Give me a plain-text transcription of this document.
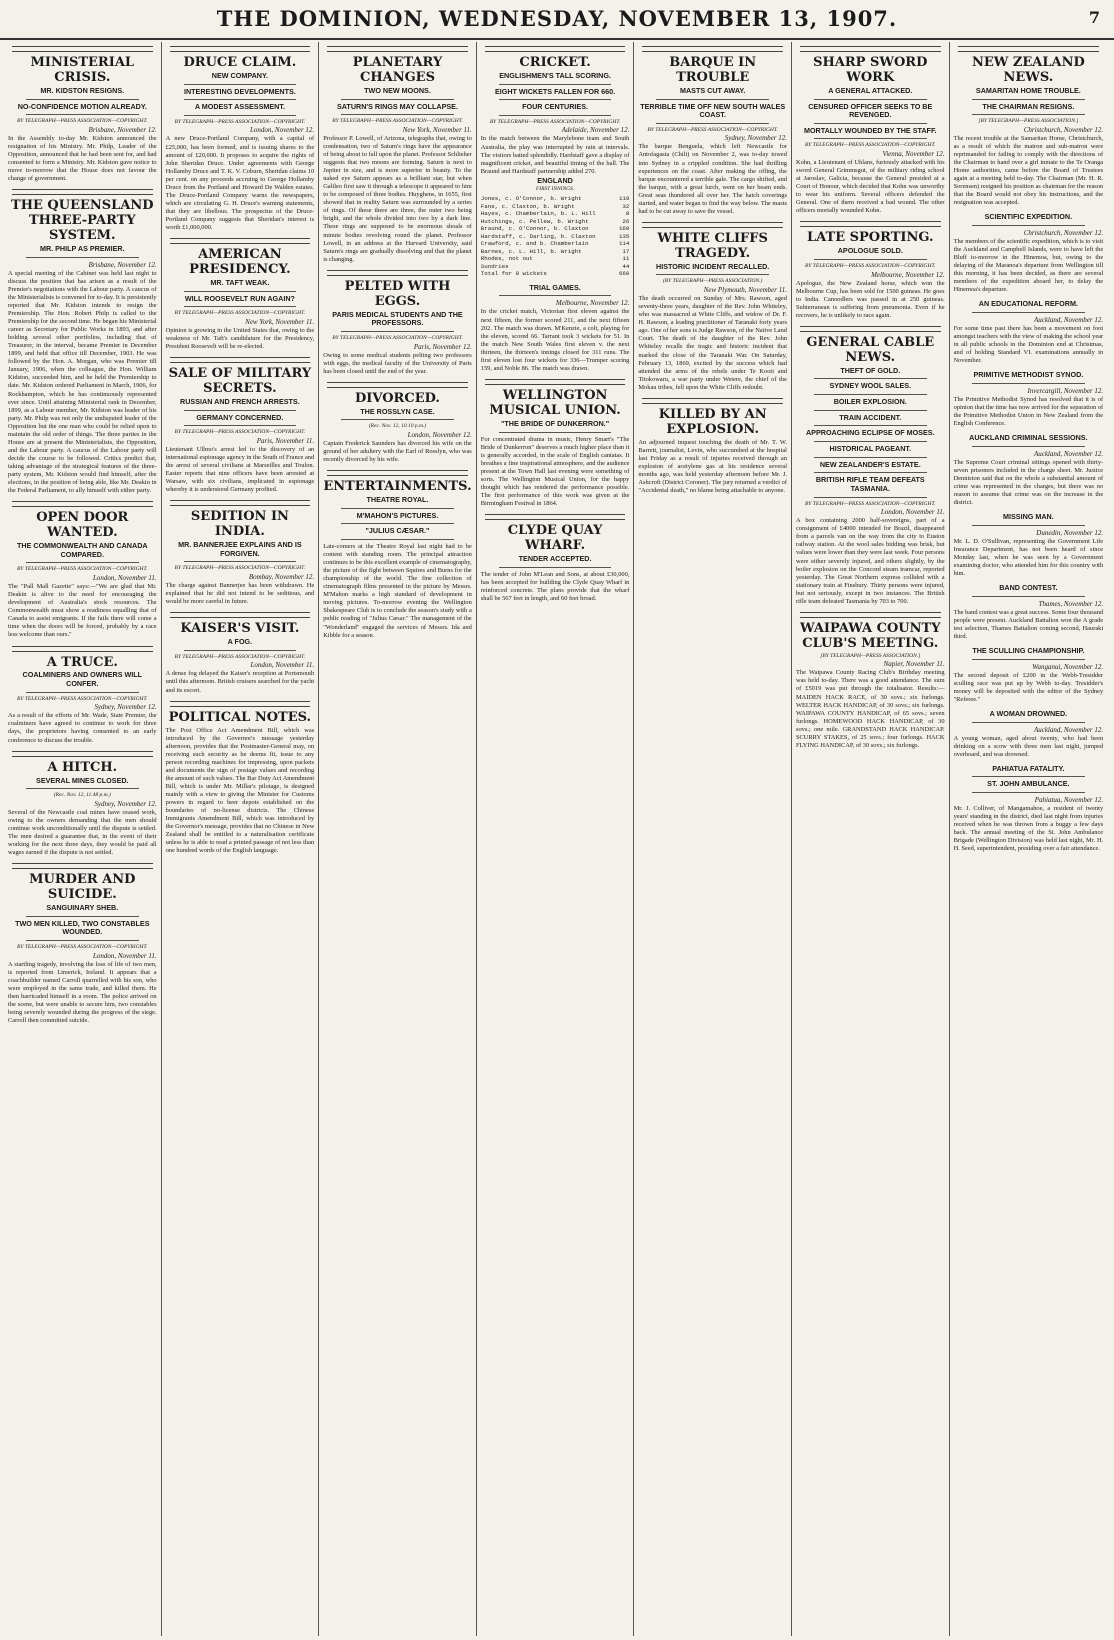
THE DOMINION, WEDNESDAY, NOVEMBER 13, 1907.	7
MINISTERIAL CRISIS.
MR. KIDSTON RESIGNS.
NO-CONFIDENCE MOTION ALREADY.
BY TELEGRAPH—PRESS ASSOCIATION—COPYRIGHT.
Brisbane, November 12.

In the Assembly to-day Mr. Kidston announced the resignation of his Ministry. Mr. Philp, Leader of the Opposition, announced that he had been sent for, and had consented to form a Ministry. Mr. Kidston gave notice to move to-morrow that the House does not favour the change of government.

THE QUEENSLAND THREE-PARTY SYSTEM.
MR. PHILP AS PREMIER.
Brisbane, November 12.

A special meeting of the Cabinet was held last night to discuss the position that has arisen as a result of the Premier's negotiations with the Labour party. A caucus of the Ministerialists is convened for to-day. It is persistently reported that Mr. Kidston intends to resign the Premiership. The Hon. Robert Philp is called to the Premiership for the second time. He began his Ministerial career as Secretary for Public Works in 1893, and after holding several other portfolios, including that of Treasurer, in the interval, became Premier in December 1899, and held that office till December, 1903. He was followed by the Hon. A. Morgan, who was Premier till January, 1906, when the colleague, the Hon. William Kidston, succeeded him, and he held the Premiership to date. Mr. Kidston ordered Parliament in March, 1906, for Rockhampton, which he has continuously represented ever since. Until attaining Ministerial rank in December, 1899, as a Labour member, Mr. Kidston was leader of his party. Mr. Philp was not only the undisputed leader of the Opposition but the one man who could be relied upon to maintain the old order of things. The three parties in the House are at present the Ministerialists, the Opposition, and the Labour party. A caucus of the Labour party will decide the course to be followed. Critics predict that, taking advantage of the strategical features of the three-party system, Mr. Kidston would find himself, after the elections, in the position of being able, like Mr. Deakin in the Federal Parliament, to ally himself with either party.

OPEN DOOR WANTED.
THE COMMONWEALTH AND CANADA COMPARED.
BY TELEGRAPH—PRESS ASSOCIATION—COPYRIGHT.
London, November 11.

The "Pall Mall Gazette" says:—"We are glad that Mr. Deakin is alive to the need for encouraging the development of Australia's stock resources. The Commonwealth must show a readiness equalling that of Canada to assist emigrants. If the fails there will come a time when the doors will be forced, probably by a race less welcome than ours."

A TRUCE.
COALMINERS AND OWNERS WILL CONFER.
BY TELEGRAPH—PRESS ASSOCIATION—COPYRIGHT.
Sydney, November 12.

As a result of the efforts of Mr. Wade, State Premier, the coalminers have agreed to continue to work for three days, the proprietors having consented to an early conference to discuss the trouble.

A HITCH.
SEVERAL MINES CLOSED.
(Rec. Nov. 12, 11.48 p.m.)
Sydney, November 12.

Several of the Newcastle coal mines have ceased work, owing to the owners demanding that the men should continue work unconditionally until the dispute is settled. The men desired a guarantee that, in the event of their working for the next three days, they would be paid all wages earned if the dispute is not settled.

MURDER AND SUICIDE.
SANGUINARY SHEB.
TWO MEN KILLED, TWO CONSTABLES WOUNDED.
BY TELEGRAPH—PRESS ASSOCIATION—COPYRIGHT.
London, November 11.

A startling tragedy, involving the loss of life of two men, is reported from Limerick, Ireland. It appears that a coachbuilder named Carroll quarrelled with his son, who were employed in the same trade, and killed them. He then barricaded himself in a room. The police arrived on the scene, but were unable to secure him, two constables being severely wounded during the progress of the siege. Carroll then committed suicide.

DRUCE CLAIM.
NEW COMPANY.
INTERESTING DEVELOPMENTS.
A MODEST ASSESSMENT.
BY TELEGRAPH—PRESS ASSOCIATION—COPYRIGHT.
London, November 12.

A new Druce-Portland Company, with a capital of £25,000, has been formed, and is issuing shares to the amount of £20,000. It proposes to acquire the rights of John Sheridan Druce. Under agreements with George Hollamby Druce and T. K. V. Coburn, Sheridan claims 10 per cent. on any proceeds accruing to George Hollamby Druce from the Portland and Howard De Walden estates. The Druce-Portland Company warns the newspapers, which are circulating G. H. Druce's warning statements, that they are libellous. The prospectus of the Druce-Portland Company suggests that Sheridan's interest is worth £1,000,000.

AMERICAN PRESIDENCY.
MR. TAFT WEAK.
WILL ROOSEVELT RUN AGAIN?
BY TELEGRAPH—PRESS ASSOCIATION—COPYRIGHT.
New York, November 11.

Opinion is growing in the United States that, owing to the weakness of Mr. Taft's candidature for the Presidency, President Roosevelt will be re-elected.

SALE OF MILITARY SECRETS.
RUSSIAN AND FRENCH ARRESTS.
GERMANY CONCERNED.
BY TELEGRAPH—PRESS ASSOCIATION—COPYRIGHT.
Paris, November 11.

Lieutenant Ullmo's arrest led to the discovery of an international espionage agency in the South of France and the arrest of several civilians at Marseilles and Toulon. Easter reports that nine officers have been arrested at Warsaw, with six civilians, implicated in espionage whereby it is understood Germany profited.

SEDITION IN INDIA.
MR. BANNERJEE EXPLAINS AND IS FORGIVEN.
BY TELEGRAPH—PRESS ASSOCIATION—COPYRIGHT.
Bombay, November 12.

The charge against Bannerjee has been withdrawn. He explained that he did not intend to be seditious, and would be more careful in future.

KAISER'S VISIT.
A FOG.
BY TELEGRAPH—PRESS ASSOCIATION—COPYRIGHT.
London, November 11.

A dense fog delayed the Kaiser's reception at Portsmouth until this afternoon. British cruisers searched for the yacht and its escort.

POLITICAL NOTES.

The Post Office Act Amendment Bill, which was introduced by the Governor's message yesterday afternoon, provides that the Postmaster-General may, on receiving such security as he deems fit, issue to any person recording machines for impressing, upon packets and documents the sign of postage values and recording the amount of such values. The Bar Duty Act Amendment Bill, which is under Mr. Millar's pilotage, is designed mainly with a view to giving the Minister for Customs powers in regard to beer depots established on the boundaries of no-license districts. The Chinese Immigrants Amendment Bill, which was introduced by the Governor's message, provides that no Chinese in New Zealand shall be entitled to a naturalisation certificate unless he is able to read a printed passage of not less than one hundred words of the English language.

PLANETARY CHANGES
TWO NEW MOONS.
SATURN'S RINGS MAY COLLAPSE.
BY TELEGRAPH—PRESS ASSOCIATION—COPYRIGHT.
New York, November 11.

Professor P. Lowell, of Arizona, telegraphs that, owing to condensation, two of Saturn's rings have the appearance of being about to fall upon the planet. Professor Schlieher suggests that two moons are forming. Saturn is next to Jupiter in size, and is more superior in beauty. To the naked eye Saturn appears as a brilliant star, but when Galileo first saw it through a telescope it appeared to him to be composed of three bodies. Huyghens, in 1655, first showed that in reality Saturn was surrounded by a series of rings. Of these there are three, the outer two being bright, and the whole divided into two by a dark line. These rings are supposed to be enormous shoals of minute bodies revolving round the planet. Professor Lowell, in an address at the Harvard University, said Saturn's rings are gradually dissolving and that the planet is changing.

PELTED WITH EGGS.
PARIS MEDICAL STUDENTS AND THE PROFESSORS.
BY TELEGRAPH—PRESS ASSOCIATION—COPYRIGHT.
Paris, November 12.

Owing to some medical students pelting two professors with eggs, the medical faculty of the University of Paris has been closed until the end of the year.

DIVORCED.
THE ROSSLYN CASE.
(Rec. Nov. 12, 10.10 p.m.)
London, November 12.

Captain Frederick Saunders has divorced his wife on the ground of her adultery with the Earl of Rosslyn, who was recently divorced by his wife.

ENTERTAINMENTS.
THEATRE ROYAL.
M'MAHON'S PICTURES.
"JULIUS CÆSAR."

Late-comers at the Theatre Royal last night had to be content with standing room. The principal attraction continues to be this excellent example of cinematography, the picture of the fight between Squires and Burns for the championship of the world. The fine collection of cinematograph films presented in the picture by Messrs. M'Mahon marks a high standard of development in moving pictures. To-morrow evening the Wellington Shakespeare Club is to conclude the season's study with a public reading of "Julius Cæsar." The management of the "Wonderland" engaged the services of Messrs. Ida and Kibble for a season.

CRICKET.
ENGLISHMEN'S TALL SCORING.
EIGHT WICKETS FALLEN FOR 660.
FOUR CENTURIES.
BY TELEGRAPH—PRESS ASSOCIATION—COPYRIGHT.
Adelaide, November 12.

In the match between the Marylebone team and South Australia, the play was interrupted by rain at intervals. The visitors batted splendidly. Hardstaff gave a display of magnificent cricket, and beautiful timing of the ball. The Braund and Hardstaff partnership added 270.

ENGLAND
FIRST INNINGS.
Jones, c. O'Connor, b. Wright	119
Fane, c. Claxton, b. Wright	32
Hayes, c. Chamberlain, b. L. Hill	8
Hutchings, c. Pellew, b. Wright	26
Braund, c. O'Connor, b. Claxton	160
Hardstaff, c. Darling, b. Claxton	135
Crawford, c. and b. Chamberlain	114
Barnes, c. L. Hill, b. Wright	17
Rhodes, not out	11
Sundries	44
Total for 8 wickets	660
TRIAL GAMES.
Melbourne, November 12.

In the cricket match, Victorian first eleven against the next fifteen, the former scored 211, and the next fifteen 202. The match was drawn. M'Kenzie, a colt, playing for the eleven, scored 66. Tarrant took 3 wickets for 51. In the match New South Wales first eleven v. the next thirteen, the thirteen's innings closed for 311 runs. The first eleven lost four wickets for 336—Trumper scoring 159, and Noble 86. The match was drawn.

WELLINGTON MUSICAL UNION.
"THE BRIDE OF DUNKERRON."

For concentrated drama in music, Henry Smart's "The Bride of Dunkerron" deserves a much higher place than it is generally accorded, in the scale of English cantatas. It breathes a fine inspirational atmosphere, and the audience present at the Town Hall last evening were something of sorts. The Wellington Musical Union, for the happy thought which has rendered the performance possible. The first performance of this work was given at the Birmingham Festival in 1864.

CLYDE QUAY WHARF.
TENDER ACCEPTED.

The tender of John M'Lean and Sons, at about £30,000, has been accepted for building the Clyde Quay Wharf in reinforced concrete. The plans provide that the wharf shall be 567 feet in length, and 60 feet broad.

BARQUE IN TROUBLE
MASTS CUT AWAY.
TERRIBLE TIME OFF NEW SOUTH WALES COAST.
BY TELEGRAPH—PRESS ASSOCIATION—COPYRIGHT.
Sydney, November 12.

The barque Benguela, which left Newcastle for Antofagasta (Chili) on November 2, was to-day towed into Sydney in a crippled condition. She had thrilling experiences on the coast. After making the offing, the barque encountered a terrible gale. The cargo shifted, and the barque, with a great lurch, went on her beam ends. Great seas thundered all over her. The hatch coverings started, and water began to find the way below. The masts had to be cut away to save the vessel.

WHITE CLIFFS TRAGEDY.
HISTORIC INCIDENT RECALLED.
(BY TELEGRAPH—PRESS ASSOCIATION.)
New Plymouth, November 11.

The death occurred on Sunday of Mrs. Rawson, aged seventy-three years, daughter of the Rev. John Whiteley, who was massacred at White Cliffs, and widow of Dr. F. H. Rawson, a leading practitioner of Taranaki forty years ago. One of her sons is Judge Rawson, of the Native Land Court. The death of the daughter of the Rev. John Whiteley recalls the tragic and historic incident that marked the close of the Taranaki War. On Saturday, February 13, 1869, excited by the success which had attended the arms of the rebels under Te Kooti and Titokowaru, a war party under Wetere, the chief of the Mokau tribes, fell upon the White Cliffs redoubt.

KILLED BY AN EXPLOSION.

An adjourned inquest touching the death of Mr. T. W. Barrett, journalist, Levin, who succumbed at the hospital last Friday as a result of injuries received through an explosion of acetylene gas at his residence several months ago, was held yesterday afternoon before Mr. J. Ashcroft (District Coroner). The jury returned a verdict of "Accidental death," no blame being attachable to anyone.

SHARP SWORD WORK
A GENERAL ATTACKED.
CENSURED OFFICER SEEKS TO BE REVENGED.
MORTALLY WOUNDED BY THE STAFF.
BY TELEGRAPH—PRESS ASSOCIATION—COPYRIGHT.
Vienna, November 12.

Kohn, a Lieutenant of Uhlans, furiously attacked with his sword General Grimmsgut, of the military riding school at Jaroslav, Galicia, because the General presided at a Court of Honour, which decided that Kohn was unworthy to wear his uniform. Several officers defended the General. One of them received a bad wound. The other officers mortally wounded Kohn.

LATE SPORTING.
APOLOGUE SOLD.
BY TELEGRAPH—PRESS ASSOCIATION—COPYRIGHT.
Melbourne, November 12.

Apologue, the New Zealand horse, which won the Melbourne Cup, has been sold for 1500 guineas. He goes to India. Canoodlers was passed in at 250 guineas. Subterranean is suffering from pneumonia. Even if he recovers, he is unlikely to race again.

GENERAL CABLE NEWS.
THEFT OF GOLD.
SYDNEY WOOL SALES.
BOILER EXPLOSION.
TRAIN ACCIDENT.
APPROACHING ECLIPSE OF MOSES.
HISTORICAL PAGEANT.
NEW ZEALANDER'S ESTATE.
BRITISH RIFLE TEAM DEFEATS TASMANIA.
BY TELEGRAPH—PRESS ASSOCIATION—COPYRIGHT.
London, November 11.

A box containing 2000 half-sovereigns, part of a consignment of £4000 intended for Brazil, disappeared from a parcels van on the way from the city to Euston railway station. At the wool sales bidding was brisk, but values were lower than they were last week. Four persons were either severely injured, and others slightly, by the boiler explosion on the Concord steam tramcar, reported yesterday. The Great Northern express collided with a stationary train at Finsbury. Thirty persons were injured, but not seriously, except in two instances. The British rifle team defeated Tasmania by 703 to 700.

WAIPAWA COUNTY CLUB'S MEETING.
[BY TELEGRAPH—PRESS ASSOCIATION.]
Napier, November 11.

The Waipawa County Racing Club's Birthday meeting was held to-day. There was a good attendance. The sum of £5019 was put through the totalisator. Results:— MAIDEN HACK RACE, of 30 sovs.; six furlongs. WELTER HACK HANDICAP, of 30 sovs.; six furlongs. WAIPAWA COUNTY HANDICAP, of 65 sovs.; seven furlongs. HOMEWOOD HACK HANDICAP, of 30 sovs.; one mile. GRANDSTAND HACK HANDICAP. SCURRY STAKES, of 25 sovs.; four furlongs. HACK FLYING HANDICAP, of 30 sovs.; six furlongs.

NEW ZEALAND NEWS.
SAMARITAN HOME TROUBLE.
THE CHAIRMAN RESIGNS.
[BY TELEGRAPH—PRESS ASSOCIATION.]
Christchurch, November 12.

The recent trouble at the Samaritan Home, Christchurch, as a result of which the matron and sub-matron were reprimanded for failing to comply with the directions of the Chairman to hand over a girl inmate to the Te Oranga Home authorities, came before the Board of Trustees again at a meeting held to-day. The Chairman (Mr. H. R. Sorensen) resigned his position as chairman for the reason that the Board would not obey his instructions, and the resignation was accepted.

SCIENTIFIC EXPEDITION.
Christchurch, November 12.

The members of the scientific expedition, which is to visit the Auckland and Campbell Islands, were to have left the Bluff to-morrow in the Hinemoa, but, owing to the delaying of the Maranoa's departure from Wellington till this morning, it has been decided, as there are several members of the expedition aboard her, to delay the Hinemoa's departure.

AN EDUCATIONAL REFORM.
Auckland, November 12.

For some time past there has been a movement on foot amongst teachers with the view of making the school year in all public schools in the Dominion end at Christmas, and of holding Standard VI. examinations annually in November.

PRIMITIVE METHODIST SYNOD.
Invercargill, November 12.

The Primitive Methodist Synod has resolved that it is of opinion that the time has now arrived for the separation of the Primitive Methodist Union in New Zealand from the English Conference.

AUCKLAND CRIMINAL SESSIONS.
Auckland, November 12.

The Supreme Court criminal sittings opened with thirty-seven prisoners included in the charge sheet. Mr. Justice Denniston said that on the whole a substantial amount of crime was represented in the charges, but there was no reason to assume that crime was on the increase in the district.

MISSING MAN.
Dunedin, November 12.

Mr. L. D. O'Sullivan, representing the Government Life Insurance Department, has not been heard of since Monday last, when he was seen by a Government examining doctor, who attended him for this country with him.

BAND CONTEST.
Thames, November 12.

The band contest was a great success. Some four thousand people were present. Auckland Battalion won the A grade test selection, Thames Battalion coming second, Hauraki third.

THE SCULLING CHAMPIONSHIP.
Wanganui, November 12.

The second deposit of £200 in the Webb-Tresidder sculling race was put up by Webb to-day. Tresidder's money will be deposited with the editor of the Sydney "Referee."

A WOMAN DROWNED.
Auckland, November 12.

A young woman, aged about twenty, who had been drinking on a scow with three men last night, jumped overboard, and was drowned.

PAHIATUA FATALITY.
ST. JOHN AMBULANCE.
Pahiatua, November 12.

Mr. J. Colliver, of Mangamahoe, a resident of twenty years' standing in the district, died last night from injuries received when he was thrown from a buggy a few days back. The annual meeting of the St. John Ambulance Brigade (Wellington Division) was held last night, Mr. H. H. Seed, superintendent, presiding over a fair attendance.
